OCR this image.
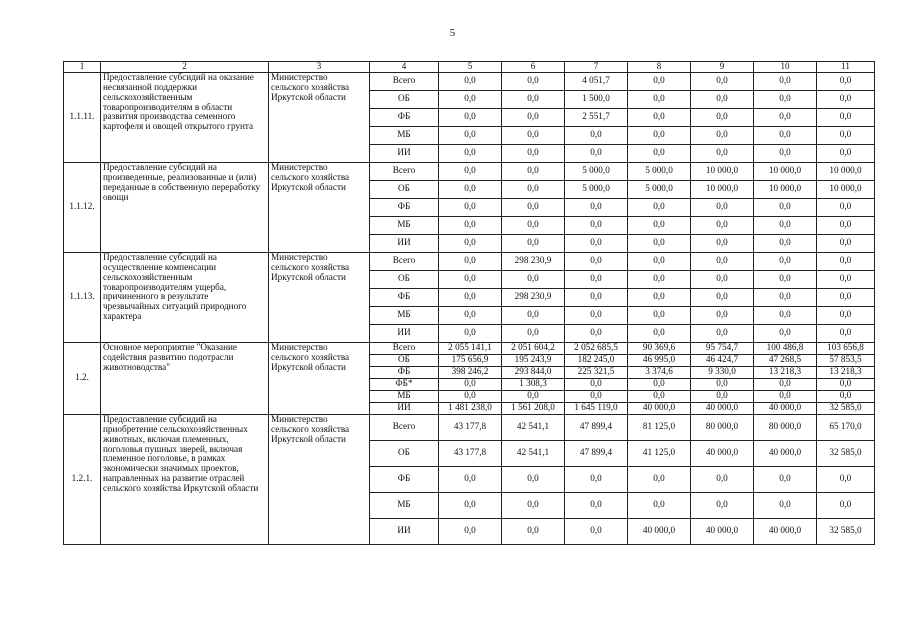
5
1	2	3	4	5	6	7	8	9	10	11
1.1.11.	Предоставление субсидий на оказание несвязанной поддержки сельскохозяйственным товаропроизводителям в области развития производства семенного картофеля и овощей открытого грунта	Министерство сельского хозяйства Иркутской области	Всего	0,0	0,0	4 051,7	0,0	0,0	0,0	0,0
			ОБ	0,0	0,0	1 500,0	0,0	0,0	0,0	0,0
			ФБ	0,0	0,0	2 551,7	0,0	0,0	0,0	0,0
			МБ	0,0	0,0	0,0	0,0	0,0	0,0	0,0
			ИИ	0,0	0,0	0,0	0,0	0,0	0,0	0,0
1.1.12.	Предоставление субсидий на произведенные, реализованные и (или) переданные в собственную переработку овощи	Министерство сельского хозяйства Иркутской области	Всего	0,0	0,0	5 000,0	5 000,0	10 000,0	10 000,0	10 000,0
			ОБ	0,0	0,0	5 000,0	5 000,0	10 000,0	10 000,0	10 000,0
			ФБ	0,0	0,0	0,0	0,0	0,0	0,0	0,0
			МБ	0,0	0,0	0,0	0,0	0,0	0,0	0,0
			ИИ	0,0	0,0	0,0	0,0	0,0	0,0	0,0
1.1.13.	Предоставление субсидий на осуществление компенсации сельскохозяйственным товаропроизводителям ущерба, причиненного в результате чрезвычайных ситуаций природного характера	Министерство сельского хозяйства Иркутской области	Всего	0,0	298 230,9	0,0	0,0	0,0	0,0	0,0
			ОБ	0,0	0,0	0,0	0,0	0,0	0,0	0,0
			ФБ	0,0	298 230,9	0,0	0,0	0,0	0,0	0,0
			МБ	0,0	0,0	0,0	0,0	0,0	0,0	0,0
			ИИ	0,0	0,0	0,0	0,0	0,0	0,0	0,0
1.2.	Основное мероприятие "Оказание содействия развитию подотрасли животноводства"	Министерство сельского хозяйства Иркутской области	Всего	2 055 141,1	2 051 604,2	2 052 685,5	90 369,6	95 754,7	100 486,8	103 656,8
			ОБ	175 656,9	195 243,9	182 245,0	46 995,0	46 424,7	47 268,5	57 853,5
			ФБ	398 246,2	293 844,0	225 321,5	3 374,6	9 330,0	13 218,3	13 218,3
			ФБ*	0,0	1 308,3	0,0	0,0	0,0	0,0	0,0
			МБ	0,0	0,0	0,0	0,0	0,0	0,0	0,0
			ИИ	1 481 238,0	1 561 208,0	1 645 119,0	40 000,0	40 000,0	40 000,0	32 585,0
1.2.1.	Предоставление субсидий на приобретение сельскохозяйственных животных, включая племенных, поголовья пушных зверей, включая племенное поголовье, в рамках экономически значимых проектов, направленных на развитие отраслей сельского хозяйства Иркутской области	Министерство сельского хозяйства Иркутской области	Всего	43 177,8	42 541,1	47 899,4	81 125,0	80 000,0	80 000,0	65 170,0
			ОБ	43 177,8	42 541,1	47 899,4	41 125,0	40 000,0	40 000,0	32 585,0
			ФБ	0,0	0,0	0,0	0,0	0,0	0,0	0,0
			МБ	0,0	0,0	0,0	0,0	0,0	0,0	0,0
			ИИ	0,0	0,0	0,0	40 000,0	40 000,0	40 000,0	32 585,0
